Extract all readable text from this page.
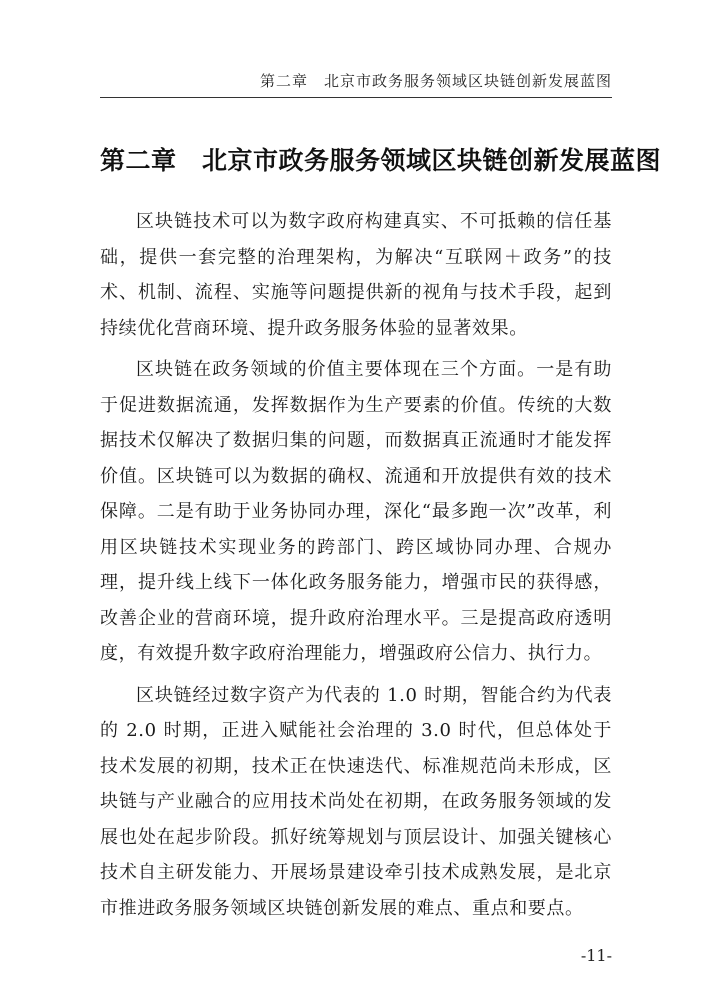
第二章　北京市政务服务领域区块链创新发展蓝图
第二章　北京市政务服务领域区块链创新发展蓝图

区块链技术可以为数字政府构建真实、不可抵赖的信任基础，提供一套完整的治理架构，为解决“互联网＋政务”的技术、机制、流程、实施等问题提供新的视角与技术手段，起到持续优化营商环境、提升政务服务体验的显著效果。

区块链在政务领域的价值主要体现在三个方面。一是有助于促进数据流通，发挥数据作为生产要素的价值。传统的大数据技术仅解决了数据归集的问题，而数据真正流通时才能发挥价值。区块链可以为数据的确权、流通和开放提供有效的技术保障。二是有助于业务协同办理，深化“最多跑一次”改革，利用区块链技术实现业务的跨部门、跨区域协同办理、合规办理，提升线上线下一体化政务服务能力，增强市民的获得感，改善企业的营商环境，提升政府治理水平。三是提高政府透明度，有效提升数字政府治理能力，增强政府公信力、执行力。

区块链经过数字资产为代表的 1.0 时期，智能合约为代表的 2.0 时期，正进入赋能社会治理的 3.0 时代，但总体处于技术发展的初期，技术正在快速迭代、标准规范尚未形成，区块链与产业融合的应用技术尚处在初期，在政务服务领域的发展也处在起步阶段。抓好统筹规划与顶层设计、加强关键核心技术自主研发能力、开展场景建设牵引技术成熟发展，是北京市推进政务服务领域区块链创新发展的难点、重点和要点。

-11-
